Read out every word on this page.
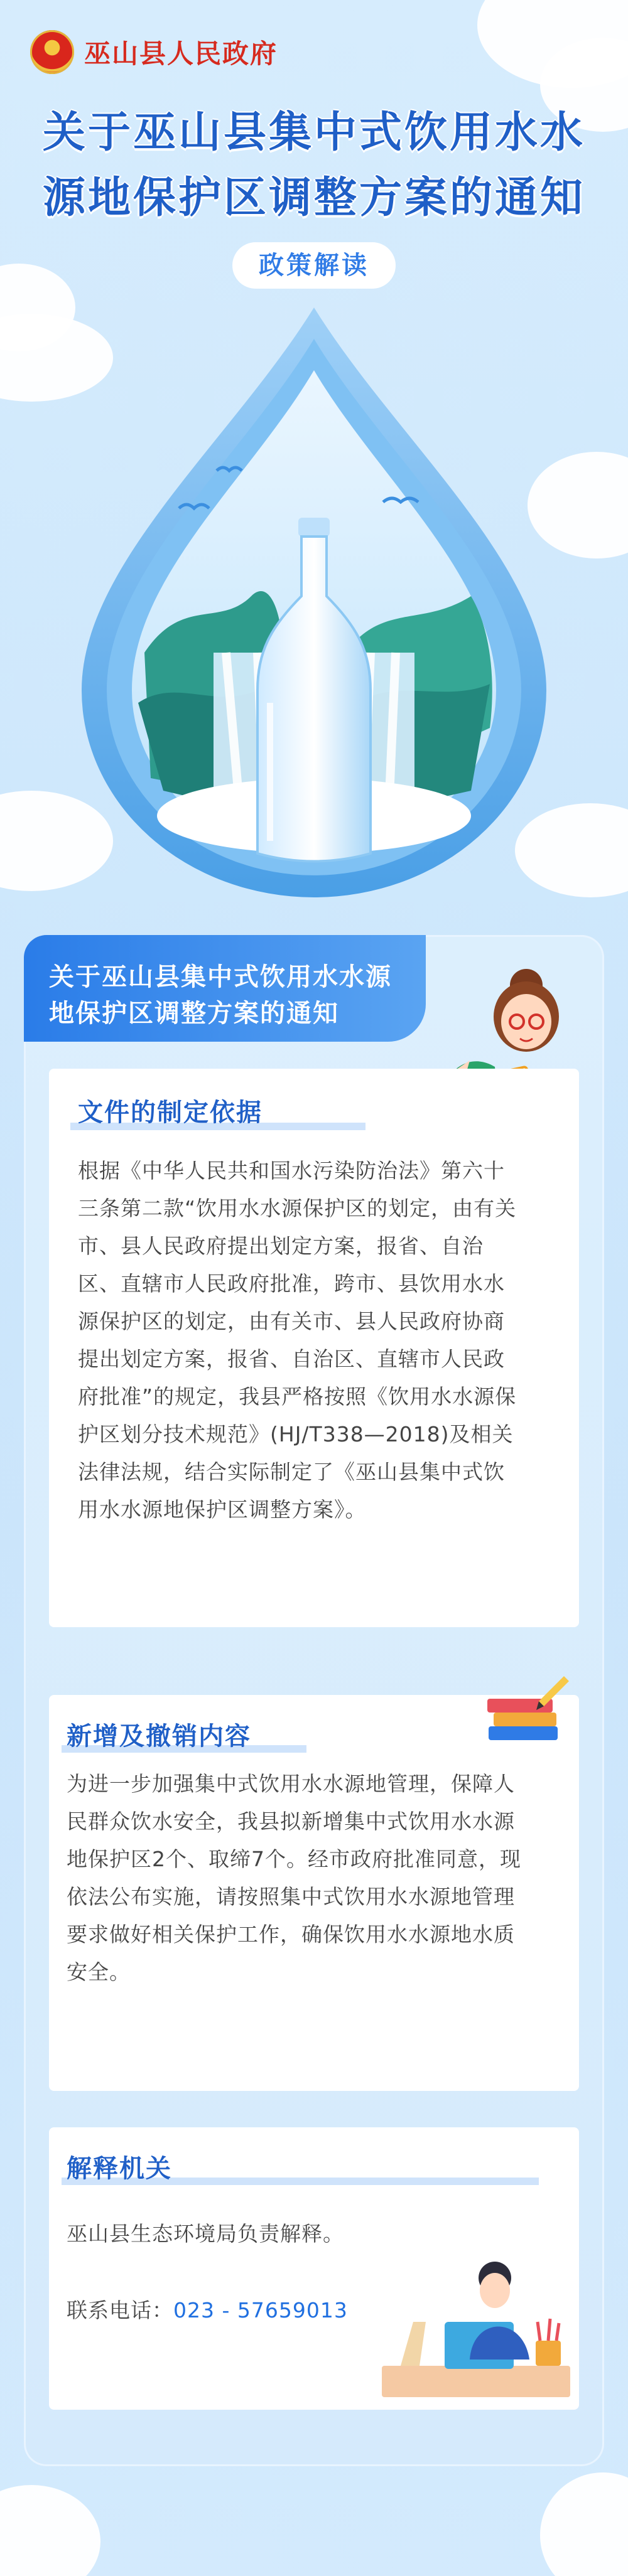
巫山县人民政府
关于巫山县集中式饮用水水
源地保护区调整方案的通知
政策解读
关于巫山县集中式饮用水水源
地保护区调整方案的通知
文件的制定依据
根据《中华人民共和国水污染防治法》第六十
三条第二款“饮用水水源保护区的划定，由有关
市、县人民政府提出划定方案，报省、自治
区、直辖市人民政府批准，跨市、县饮用水水
源保护区的划定，由有关市、县人民政府协商
提出划定方案，报省、自治区、直辖市人民政
府批准”的规定，我县严格按照《饮用水水源保
护区划分技术规范》(HJ/T338—2018)及相关
法律法规，结合实际制定了《巫山县集中式饮
用水水源地保护区调整方案》。
新增及撤销内容
为进一步加强集中式饮用水水源地管理，保障人
民群众饮水安全，我县拟新增集中式饮用水水源
地保护区2个、取缔7个。经市政府批准同意，现
依法公布实施，请按照集中式饮用水水源地管理
要求做好相关保护工作，确保饮用水水源地水质
安全。
解释机关
巫山县生态环境局负责解释。
联系电话：023 - 57659013
